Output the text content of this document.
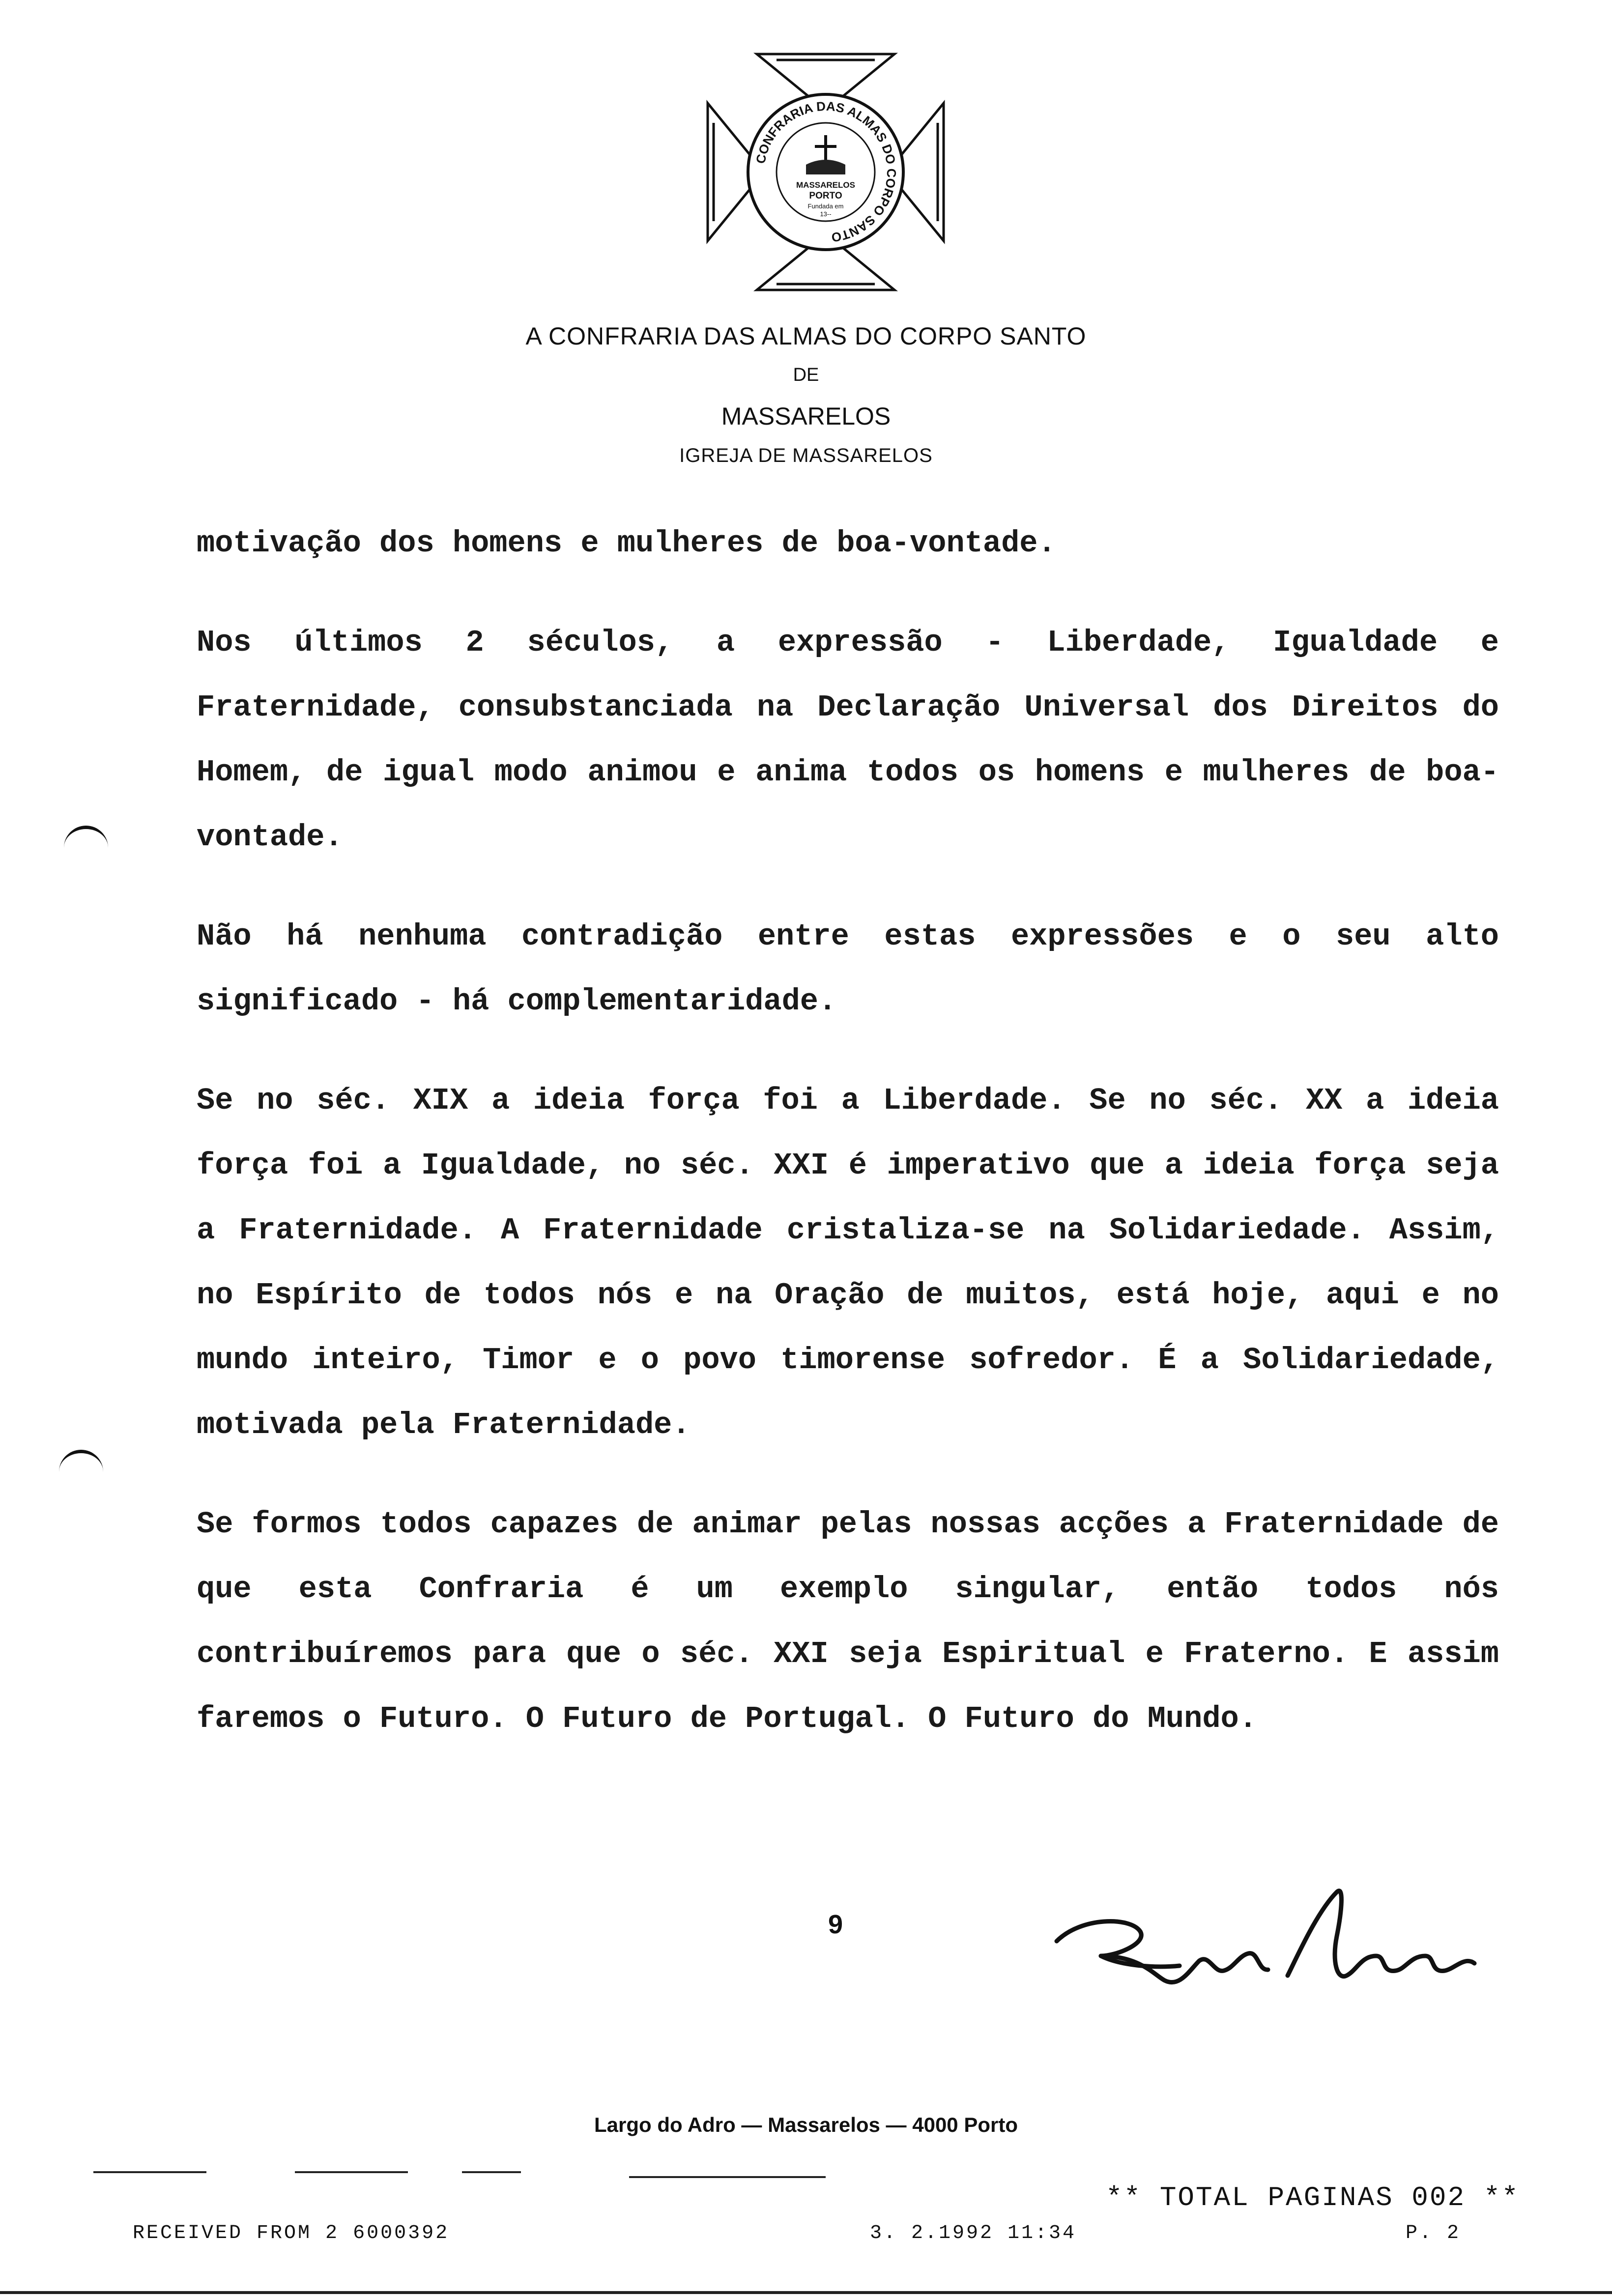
CONFRARIA DAS ALMAS DO CORPO SANTO
MASSARELOS
PORTO
Fundada em
13--
A CONFRARIA DAS ALMAS DO CORPO SANTO
DE
MASSARELOS
IGREJA DE MASSARELOS

motivação dos homens e mulheres de boa-vontade.

Nos últimos 2 séculos, a expressão - Liberdade, Igualdade e Fraternidade, consubstanciada na Declaração Universal dos Direitos do Homem, de igual modo animou e anima todos os homens e mulheres de boa-vontade.

Não há nenhuma contradição entre estas expressões e o seu alto significado - há complementaridade.

Se no séc. XIX a ideia força foi a Liberdade. Se no séc. XX a ideia força foi a Igualdade, no séc. XXI é imperativo que a ideia força seja a Fraternidade. A Fraternidade cristaliza-se na Solidariedade. Assim, no Espírito de todos nós e na Oração de muitos, está hoje, aqui e no mundo inteiro, Timor e o povo timorense sofredor. É a Solidariedade, motivada pela Fraternidade.

Se formos todos capazes de animar pelas nossas acções a Fraternidade de que esta Confraria é um exemplo singular, então todos nós contribuíremos para que o séc. XXI seja Espiritual e Fraterno. E assim faremos o Futuro. O Futuro de Portugal. O Futuro do Mundo.

9
Largo do Adro — Massarelos — 4000 Porto
** TOTAL PAGINAS 002 **
RECEIVED FROM 2 6000392	3. 2.1992 11:34	P. 2
